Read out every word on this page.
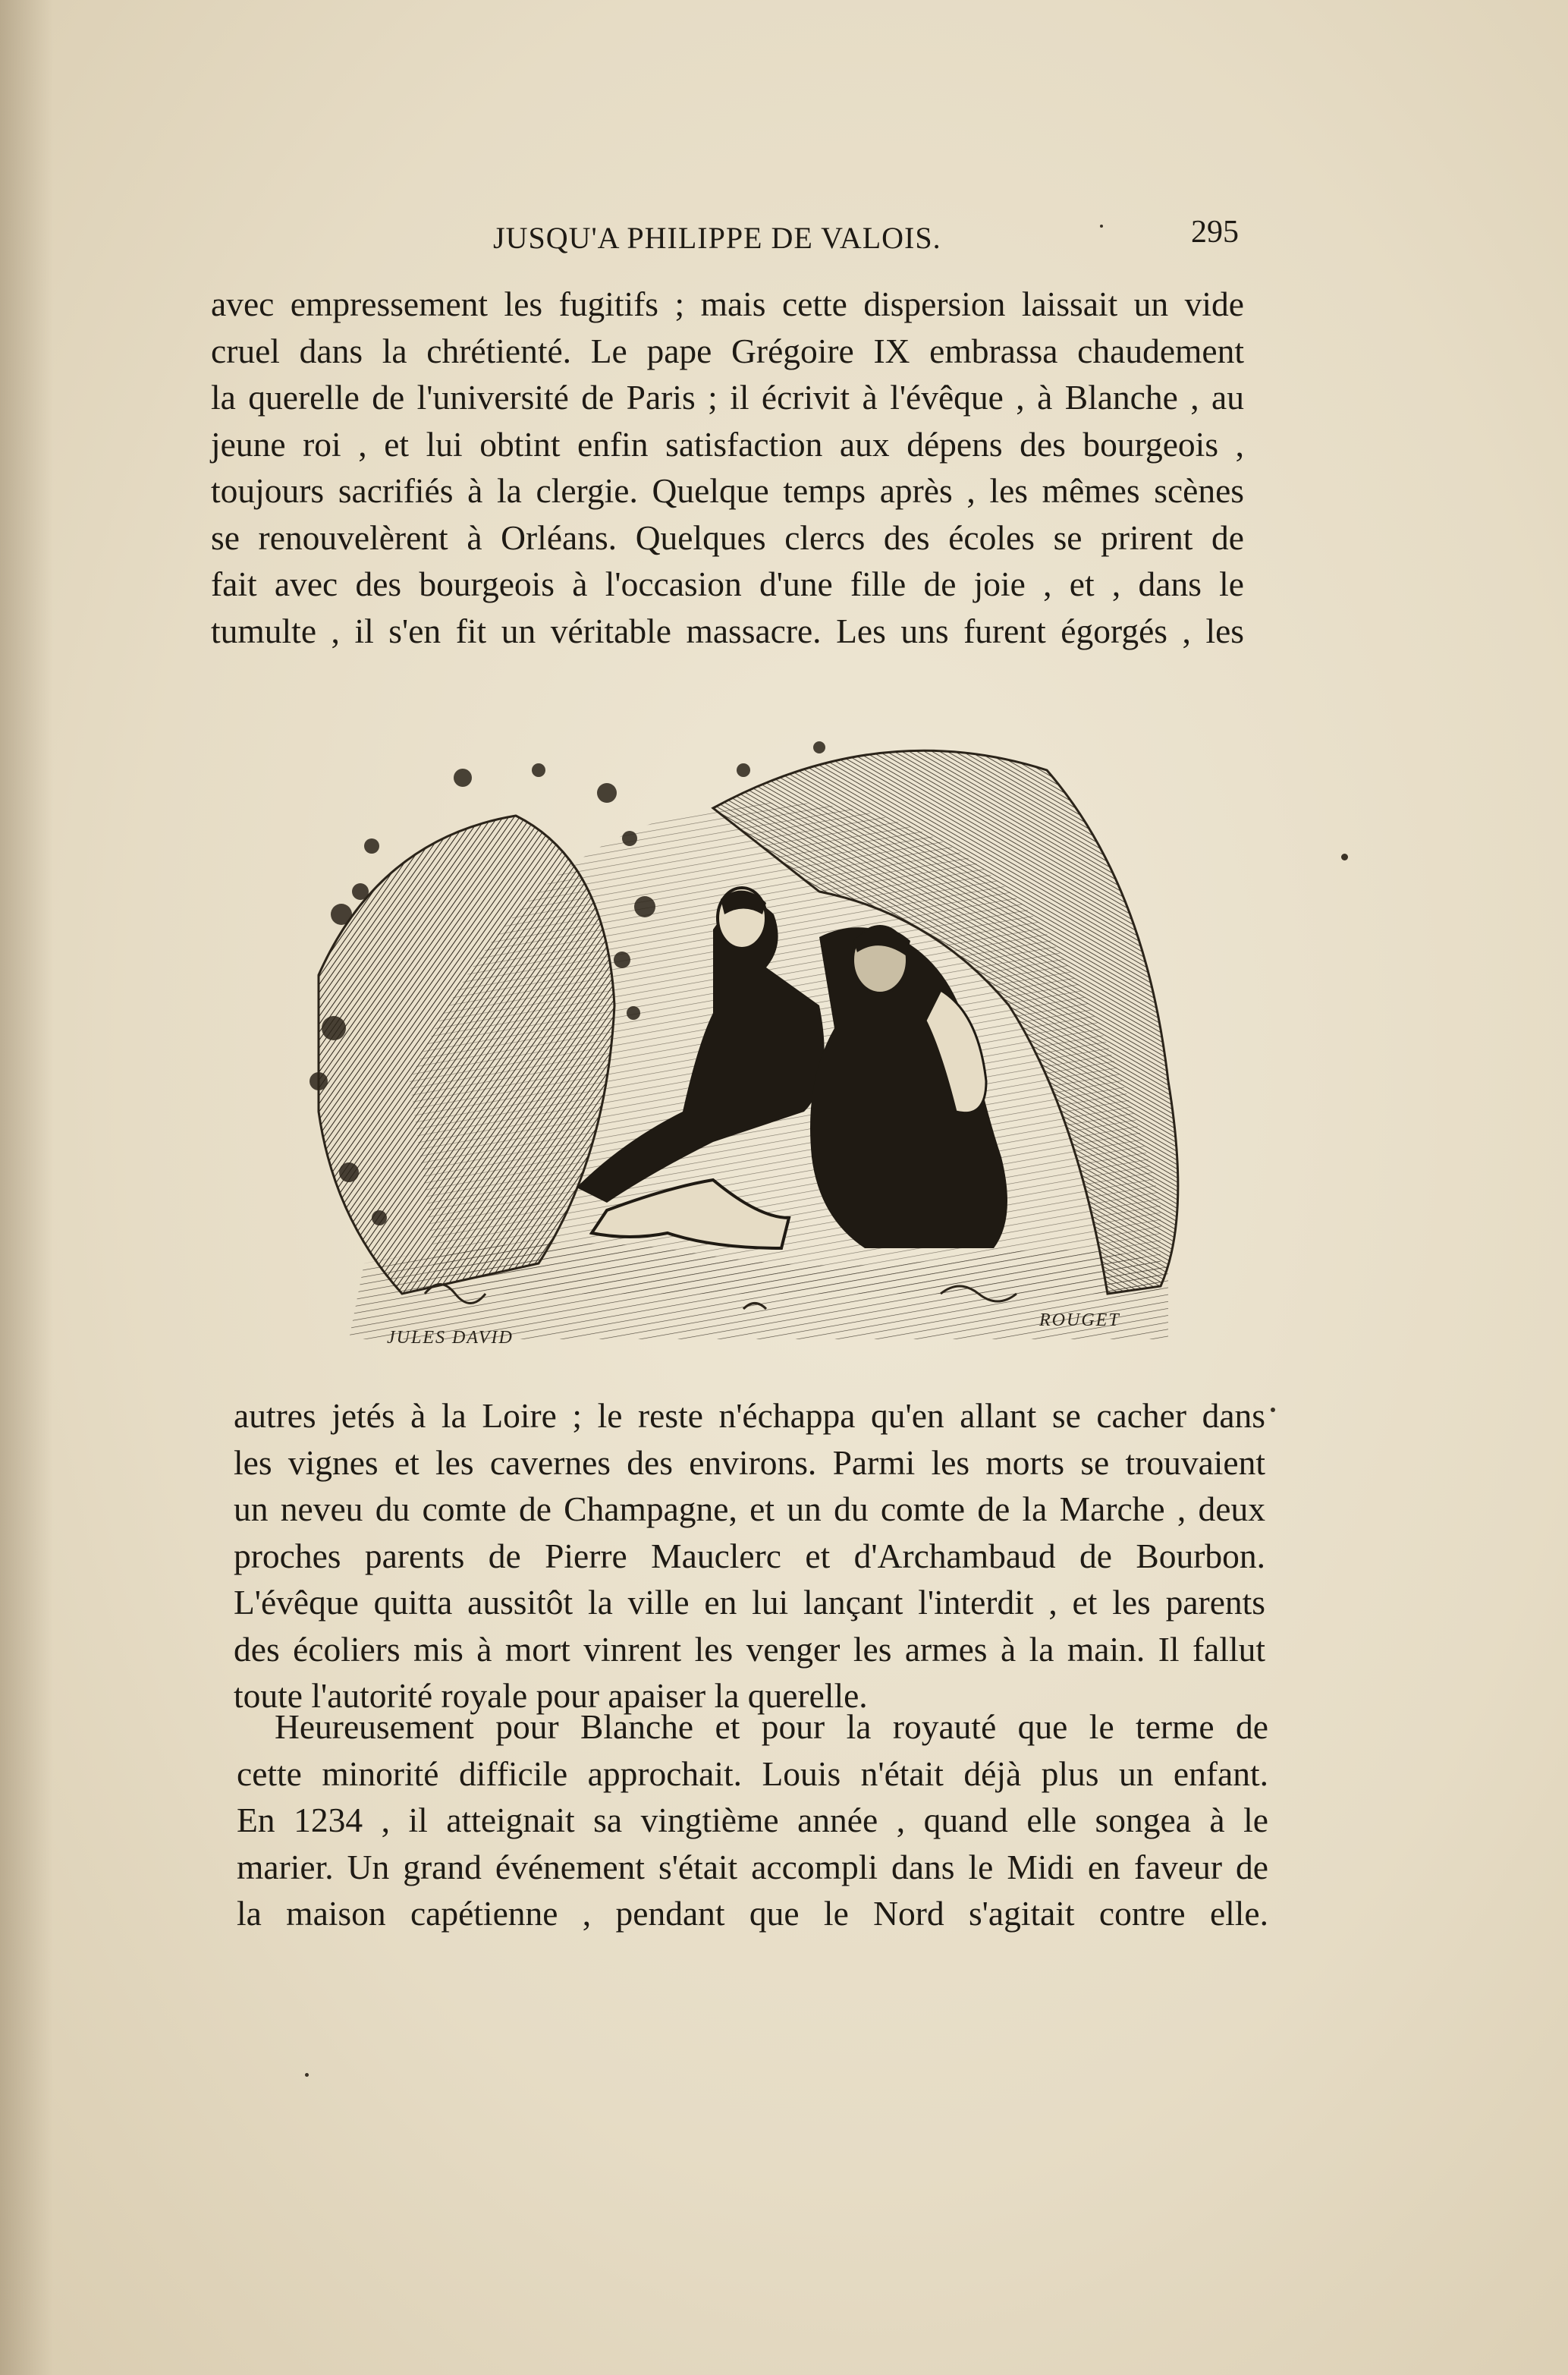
JUSQU'A PHILIPPE DE VALOIS.	295
avec empressement les fugitifs ; mais cette dispersion laissait un vide
cruel dans la chrétienté. Le pape Grégoire IX embrassa chaudement
la querelle de l'université de Paris ; il écrivit à l'évêque , à Blanche , au
jeune roi , et lui obtint enfin satisfaction aux dépens des bourgeois ,
toujours sacrifiés à la clergie. Quelque temps après , les mêmes scènes
se renouvelèrent à Orléans. Quelques clercs des écoles se prirent de
fait avec des bourgeois à l'occasion d'une fille de joie , et , dans le
tumulte , il s'en fit un véritable massacre. Les uns furent égorgés , les
JULES DAVID
ROUGET
autres jetés à la Loire ; le reste n'échappa qu'en allant se cacher dans
les vignes et les cavernes des environs. Parmi les morts se trouvaient
un neveu du comte de Champagne, et un du comte de la Marche , deux
proches parents de Pierre Mauclerc et d'Archambaud de Bourbon.
L'évêque quitta aussitôt la ville en lui lançant l'interdit , et les parents
des écoliers mis à mort vinrent les venger les armes à la main. Il fallut
toute l'autorité royale pour apaiser la querelle.
Heureusement pour Blanche et pour la royauté que le terme de
cette minorité difficile approchait. Louis n'était déjà plus un enfant.
En 1234 , il atteignait sa vingtième année , quand elle songea à le
marier. Un grand événement s'était accompli dans le Midi en faveur de
la maison capétienne , pendant que le Nord s'agitait contre elle.
